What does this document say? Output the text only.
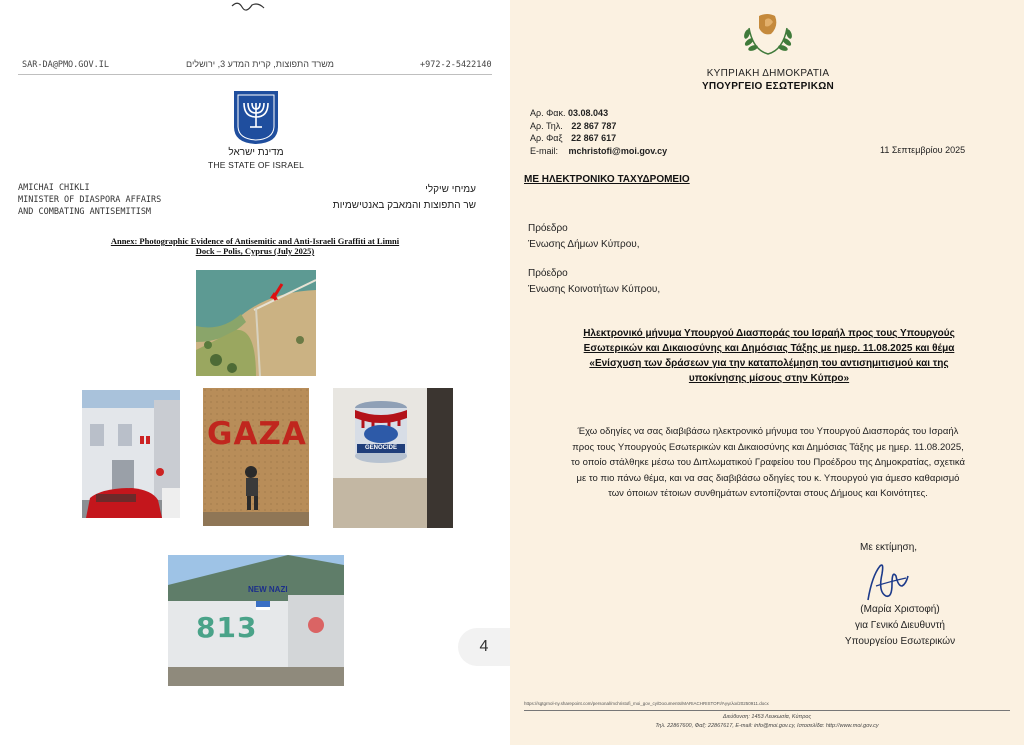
SAR-DA@PMO.GOV.IL	משרד התפוצות, קרית המדע 3, ירושלים	+972-2-5422140
מדינת ישראל
THE STATE OF ISRAEL
AMICHAI CHIKLI
MINISTER OF DIASPORA AFFAIRS
AND COMBATING ANTISEMITISM
עמיחי שיקלי
שר התפוצות והמאבק באנטישמיות
Annex: Photographic Evidence of Antisemitic and Anti-Israeli Graffiti at Limni
Dock – Polis, Cyprus (July 2025)
GAZA	GENOCIDE
NEW NAZI
813
4
ΚΥΠΡΙΑΚΗ ΔΗΜΟΚΡΑΤΙΑ
ΥΠΟΥΡΓΕΙΟ ΕΣΩΤΕΡΙΚΩΝ
Αρ. Φακ. 03.08.043
Αρ. Τηλ. 22 867 787
Αρ. Φαξ 22 867 617
E-mail: mchristofi@moi.gov.cy	11 Σεπτεμβρίου 2025
ΜΕ ΗΛΕΚΤΡΟΝΙΚΟ ΤΑΧΥΔΡΟΜΕΙΟ
Πρόεδρο
Ένωσης Δήμων Κύπρου,
Πρόεδρο
Ένωσης Κοινοτήτων Κύπρου,
Ηλεκτρονικό μήνυμα Υπουργού Διασποράς του Ισραήλ προς τους Υπουργούς
Εσωτερικών και Δικαιοσύνης και Δημόσιας Τάξης με ημερ. 11.08.2025 και θέμα
«Ενίσχυση των δράσεων για την καταπολέμηση του αντισημιτισμού και της
υποκίνησης μίσους στην Κύπρο»
Έχω οδηγίες να σας διαβιβάσω ηλεκτρονικό μήνυμα του Υπουργού Διασποράς του Ισραήλ
προς τους Υπουργούς Εσωτερικών και Δικαιοσύνης και Δημόσιας Τάξης με ημερ. 11.08.2025,
το οποίο στάλθηκε μέσω του Διπλωματικού Γραφείου του Προέδρου της Δημοκρατίας, σχετικά
με το πιο πάνω θέμα, και να σας διαβιβάσω οδηγίες του κ. Υπουργού για άμεσο καθαρισμό
των όποιων τέτοιων συνθημάτων εντοπίζονται στους Δήμους και Κοινότητες.
Με εκτίμηση,
(Μαρία Χριστοφή)
για Γενικό Διευθυντή
Υπουργείου Εσωτερικών
https://sgtgrnol-ny.sharepoint.com/personal/mchristofi_moi_gov_cy/Documents/MARIACHRISTOFI/Άγγελοι/20250911.docx
Διεύθυνση: 1453 Λευκωσία, Κύπρος
Τηλ. 22867600, Φαξ: 22867617, E-mail: info@moi.gov.cy, Ιστοσελίδα: http://www.moi.gov.cy
